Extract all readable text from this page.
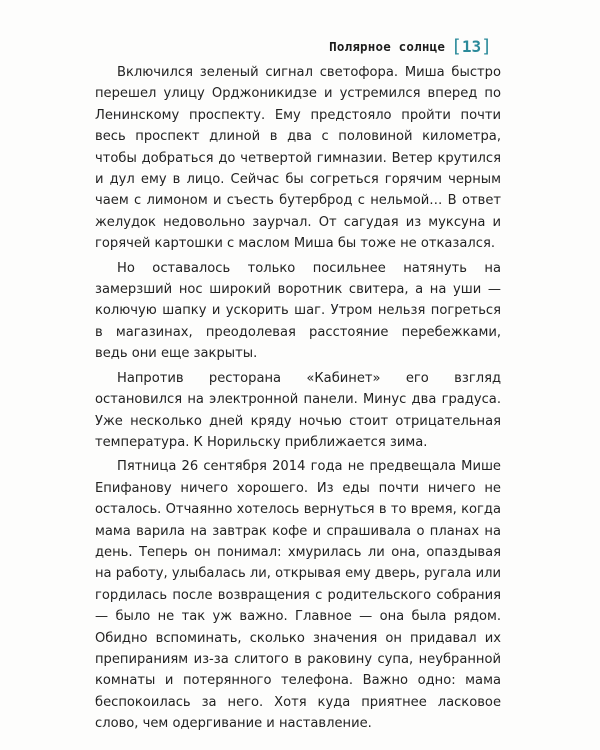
Полярное солнце [ 13 ]

Включился зеленый сигнал светофора. Миша быстро перешел улицу Орджоникидзе и устремился вперед по Ленинскому проспекту. Ему предстояло пройти почти весь проспект длиной в два с половиной километра, чтобы добраться до четвертой гимназии. Ветер крутился и дул ему в лицо. Сейчас бы согреться горячим черным чаем с лимоном и съесть бутерброд с нельмой… В ответ желудок недовольно заурчал. От сагудая из муксуна и горячей картошки с маслом Миша бы тоже не отказался.

Но оставалось только посильнее натянуть на замерзший нос широкий воротник свитера, а на уши — колючую шапку и ускорить шаг. Утром нельзя погреться в магазинах, преодолевая расстояние перебежками, ведь они еще закрыты.

Напротив ресторана «Кабинет» его взгляд остановился на электронной панели. Минус два градуса. Уже несколько дней кряду ночью стоит отрицательная температура. К Норильску приближается зима.

Пятница 26 сентября 2014 года не предвещала Мише Епифанову ничего хорошего. Из еды почти ничего не осталось. Отчаянно хотелось вернуться в то время, когда мама варила на завтрак кофе и спрашивала о планах на день. Теперь он понимал: хмурилась ли она, опаздывая на работу, улыбалась ли, открывая ему дверь, ругала или гордилась после возвращения с родительского собрания — было не так уж важно. Главное — она была рядом. Обидно вспоминать, сколько значения он придавал их препираниям из-за слитого в раковину супа, неубранной комнаты и потерянного телефона. Важно одно: мама беспокоилась за него. Хотя куда приятнее ласковое слово, чем одергивание и наставление.
